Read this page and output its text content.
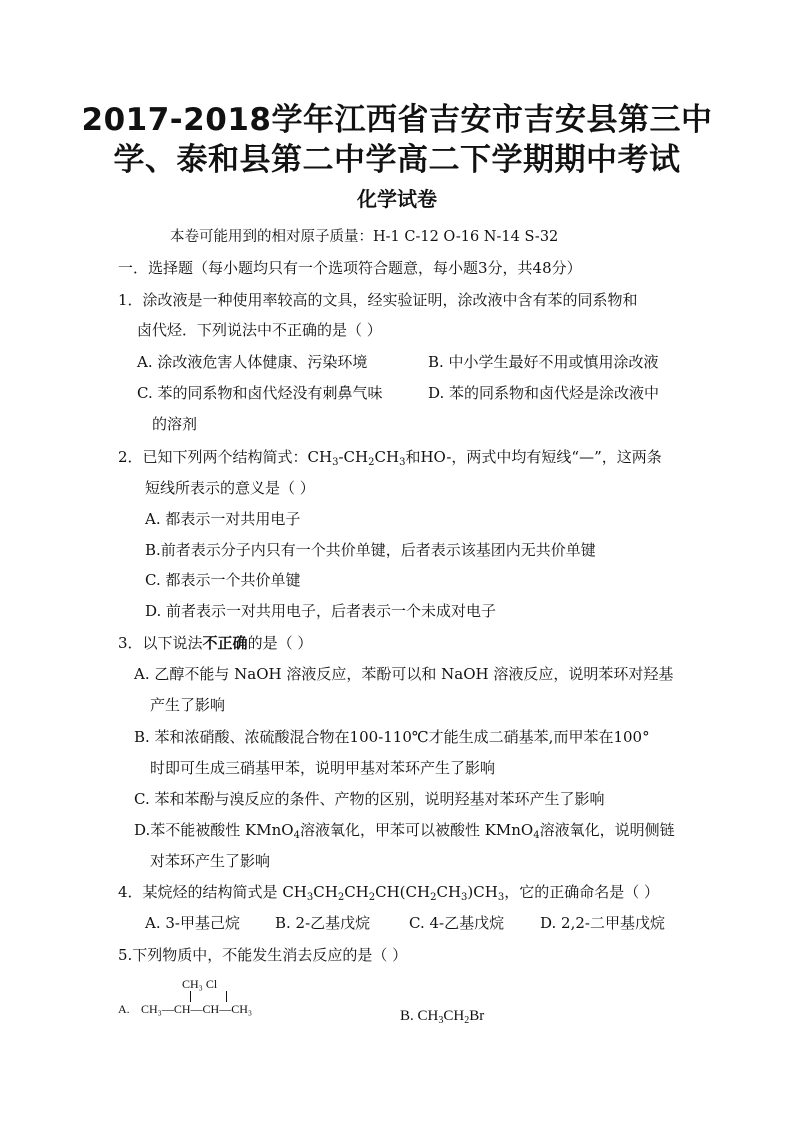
2017-2018学年江西省吉安市吉安县第三中
学、泰和县第二中学高二下学期期中考试
化学试卷
本卷可能用到的相对原子质量：H-1 C-12 O-16 N-14 S-32
一．选择题（每小题均只有一个选项符合题意，每小题3分，共48分）
1．涂改液是一种使用率较高的文具，经实验证明，涂改液中含有苯的同系物和
卤代烃．下列说法中不正确的是（ ）
A. 涂改液危害人体健康、污染环境	B. 中小学生最好不用或慎用涂改液
C. 苯的同系物和卤代烃没有刺鼻气味	D. 苯的同系物和卤代烃是涂改液中
的溶剂
2．已知下列两个结构简式：$CH_3-CH_2CH_3$和HO-，两式中均有短线“—”，这两条
短线所表示的意义是（ ）
A. 都表示一对共用电子
B.前者表示分子内只有一个共价单键，后者表示该基团内无共价单键
C. 都表示一个共价单键
D. 前者表示一对共用电子，后者表示一个未成对电子
3．以下说法不正确的是（ ）
A. 乙醇不能与 NaOH 溶液反应，苯酚可以和 NaOH 溶液反应，说明苯环对羟基
产生了影响
B. 苯和浓硝酸、浓硫酸混合物在100-110℃才能生成二硝基苯,而甲苯在100°
时即可生成三硝基甲苯，说明甲基对苯环产生了影响
C. 苯和苯酚与溴反应的条件、产物的区别，说明羟基对苯环产生了影响
D.苯不能被酸性 KMnO$_4$溶液氧化，甲苯可以被酸性 KMnO$_4$溶液氧化，说明侧链
对苯环产生了影响
4．某烷烃的结构简式是 $CH_3CH_2CH_2CH(CH_2CH_3)CH_3$，它的正确命名是（ ）
A. 3-甲基己烷 B. 2-乙基戊烷	C. 4-乙基戊烷 D. 2,2-二甲基戊烷
5.下列物质中，不能发生消去反应的是（ ）
CH₃ Cl
A. CH₃—CH—CH—CH₃	B. $CH_3CH_2Br$
